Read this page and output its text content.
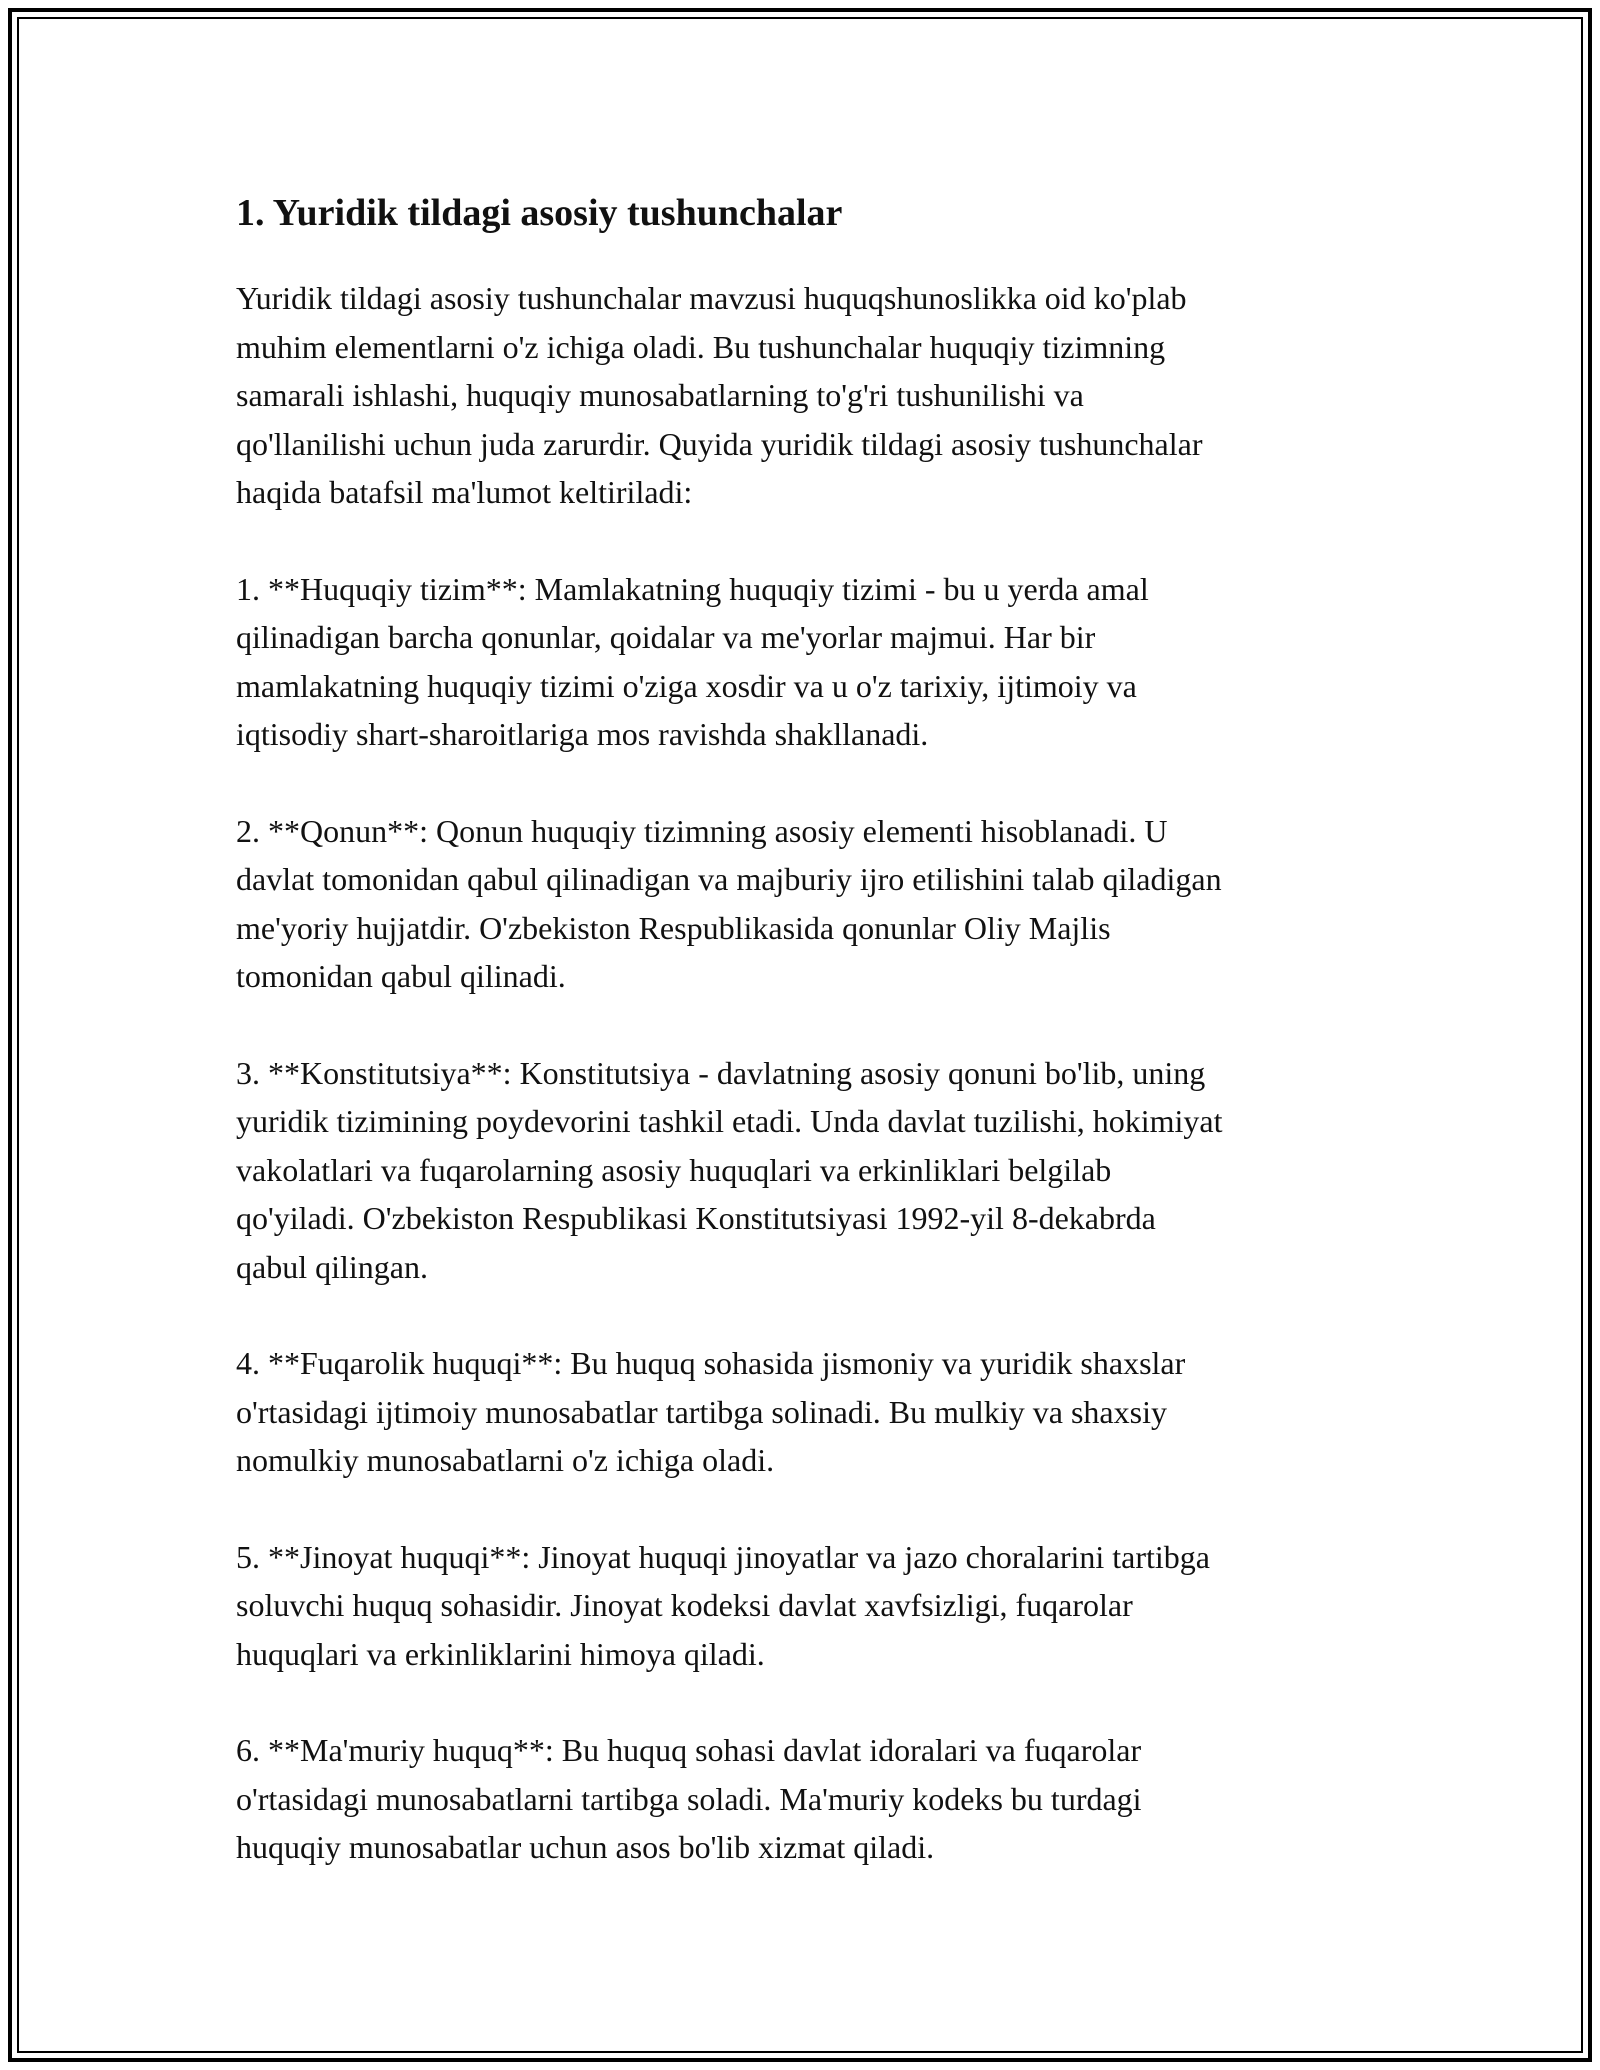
1. Yuridik tildagi asosiy tushunchalar

Yuridik tildagi asosiy tushunchalar mavzusi huquqshunoslikka oid ko'plab
muhim elementlarni o'z ichiga oladi. Bu tushunchalar huquqiy tizimning
samarali ishlashi, huquqiy munosabatlarning to'g'ri tushunilishi va
qo'llanilishi uchun juda zarurdir. Quyida yuridik tildagi asosiy tushunchalar
haqida batafsil ma'lumot keltiriladi:

1. **Huquqiy tizim**: Mamlakatning huquqiy tizimi - bu u yerda amal
qilinadigan barcha qonunlar, qoidalar va me'yorlar majmui. Har bir
mamlakatning huquqiy tizimi o'ziga xosdir va u o'z tarixiy, ijtimoiy va
iqtisodiy shart-sharoitlariga mos ravishda shakllanadi.

2. **Qonun**: Qonun huquqiy tizimning asosiy elementi hisoblanadi. U
davlat tomonidan qabul qilinadigan va majburiy ijro etilishini talab qiladigan
me'yoriy hujjatdir. O'zbekiston Respublikasida qonunlar Oliy Majlis
tomonidan qabul qilinadi.

3. **Konstitutsiya**: Konstitutsiya - davlatning asosiy qonuni bo'lib, uning
yuridik tizimining poydevorini tashkil etadi. Unda davlat tuzilishi, hokimiyat
vakolatlari va fuqarolarning asosiy huquqlari va erkinliklari belgilab
qo'yiladi. O'zbekiston Respublikasi Konstitutsiyasi 1992-yil 8-dekabrda
qabul qilingan.

4. **Fuqarolik huquqi**: Bu huquq sohasida jismoniy va yuridik shaxslar
o'rtasidagi ijtimoiy munosabatlar tartibga solinadi. Bu mulkiy va shaxsiy
nomulkiy munosabatlarni o'z ichiga oladi.

5. **Jinoyat huquqi**: Jinoyat huquqi jinoyatlar va jazo choralarini tartibga
soluvchi huquq sohasidir. Jinoyat kodeksi davlat xavfsizligi, fuqarolar
huquqlari va erkinliklarini himoya qiladi.

6. **Ma'muriy huquq**: Bu huquq sohasi davlat idoralari va fuqarolar
o'rtasidagi munosabatlarni tartibga soladi. Ma'muriy kodeks bu turdagi
huquqiy munosabatlar uchun asos bo'lib xizmat qiladi.
